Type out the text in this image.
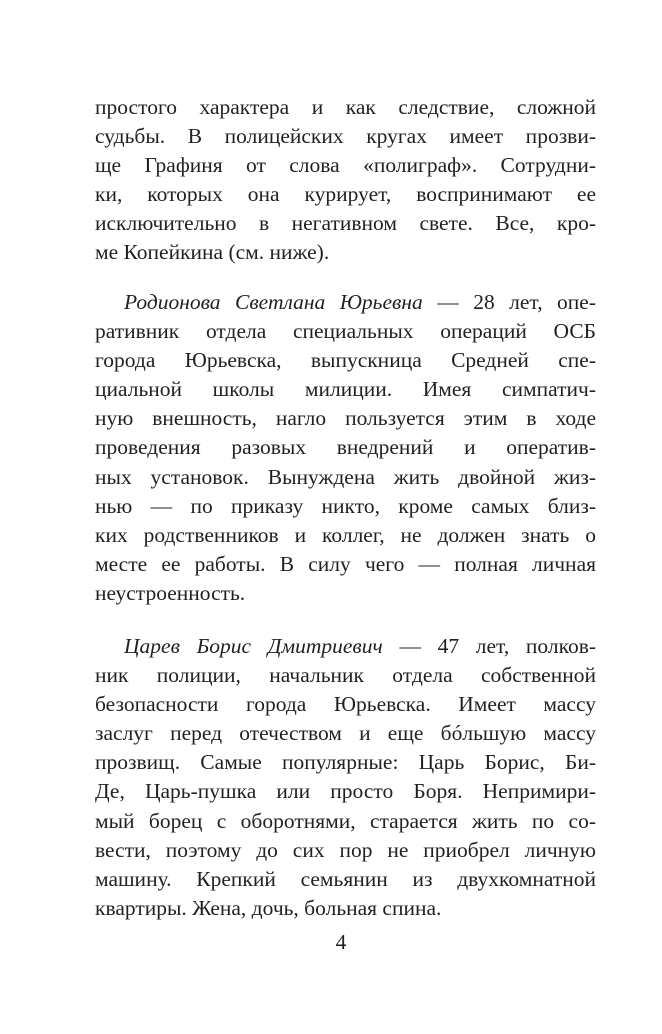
простого характера и как следствие, сложной
судьбы. В полицейских кругах имеет прозви-
ще Графиня от слова «полиграф». Сотрудни-
ки, которых она курирует, воспринимают ее
исключительно в негативном свете. Все, кро-
ме Копейкина (см. ниже).
Родионова Светлана Юрьевна — 28 лет, опе-
ративник отдела специальных операций ОСБ
города Юрьевска, выпускница Средней спе-
циальной школы милиции. Имея симпатич-
ную внешность, нагло пользуется этим в ходе
проведения разовых внедрений и оператив-
ных установок. Вынуждена жить двойной жиз-
нью — по приказу никто, кроме самых близ-
ких родственников и коллег, не должен знать о
месте ее работы. В силу чего — полная личная
неустроенность.
Царев Борис Дмитриевич — 47 лет, полков-
ник полиции, начальник отдела собственной
безопасности города Юрьевска. Имеет массу
заслуг перед отечеством и еще бóльшую массу
прозвищ. Самые популярные: Царь Борис, Би-
Де, Царь-пушка или просто Боря. Непримири-
мый борец с оборотнями, старается жить по со-
вести, поэтому до сих пор не приобрел личную
машину. Крепкий семьянин из двухкомнатной
квартиры. Жена, дочь, больная спина.
4
